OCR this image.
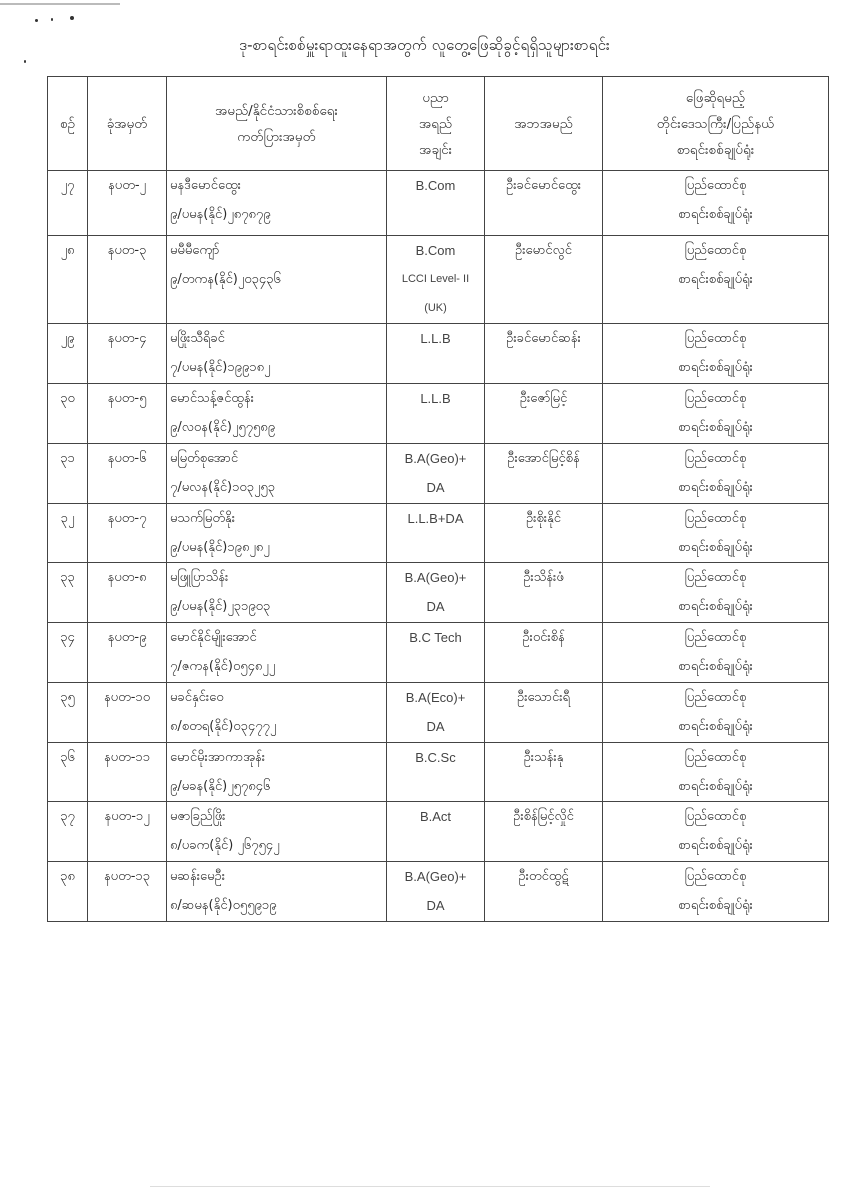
ဒု-စာရင်းစစ်မှူးရာထူးနေရာအတွက် လူတွေ့ဖြေဆိုခွင့်ရရှိသူများစာရင်း
စဉ်	ခုံအမှတ်	အမည်/နိုင်ငံသားစိစစ်ရေး
ကတ်ပြားအမှတ်	ပညာ
အရည်
အချင်း	အဘအမည်	ဖြေဆိုရမည့်
တိုင်းဒေသကြီး/ပြည်နယ်
စာရင်းစစ်ချုပ်ရုံး

၂၇	နပတ-၂	မနဒီမောင်ထွေး
၉/ပမန(နိုင်)၂၈၇၈၇၉	B.Com	ဦးခင်မောင်ထွေး	ပြည်ထောင်စု
စာရင်းစစ်ချုပ်ရုံး

၂၈	နပတ-၃	မမီမီကျော်
၉/တကန(နိုင်)၂၀၃၄၃၆	B.Com
LCCI Level- II
(UK)	ဦးမောင်လွင်	ပြည်ထောင်စု
စာရင်းစစ်ချုပ်ရုံး

၂၉	နပတ-၄	မဖြိုးသီရိခင်
၇/ပမန(နိုင်)၁၉၉၁၈၂	L.L.B	ဦးခင်မောင်ဆန်း	ပြည်ထောင်စု
စာရင်းစစ်ချုပ်ရုံး

၃၀	နပတ-၅	မောင်သန့်ဇင်ထွန်း
၉/လဝန(နိုင်)၂၅၇၅၈၉	L.L.B	ဦးဇော်မြင့်	ပြည်ထောင်စု
စာရင်းစစ်ချုပ်ရုံး

၃၁	နပတ-၆	မမြတ်စုအောင်
၇/မလန(နိုင်)၁၀၃၂၅၃	B.A(Geo)+
DA	ဦးအောင်မြင့်စိန်	ပြည်ထောင်စု
စာရင်းစစ်ချုပ်ရုံး

၃၂	နပတ-၇	မသက်မြတ်နိုး
၉/ပမန(နိုင်)၁၉၈၂၈၂	L.L.B+DA	ဦးစိုးနိုင်	ပြည်ထောင်စု
စာရင်းစစ်ချုပ်ရုံး

၃၃	နပတ-၈	မဖြူပြာသိန်း
၉/ပမန(နိုင်)၂၃၁၉၀၃	B.A(Geo)+
DA	ဦးသိန်းဖံ	ပြည်ထောင်စု
စာရင်းစစ်ချုပ်ရုံး

၃၄	နပတ-၉	မောင်နိုင်မျိုးအောင်
၇/ဇကန(နိုင်)၀၅၄၈၂၂	B.C Tech	ဦးဝင်းစိန်	ပြည်ထောင်စု
စာရင်းစစ်ချုပ်ရုံး

၃၅	နပတ-၁၀	မခင်နှင်းဝေ
၈/စတရ(နိုင်)၀၃၄၇၇၂	B.A(Eco)+
DA	ဦးသောင်းရီ	ပြည်ထောင်စု
စာရင်းစစ်ချုပ်ရုံး

၃၆	နပတ-၁၁	မောင်မိုးအာကာအုန်း
၉/မခန(နိုင်)၂၅၇၈၄၆	B.C.Sc	ဦးသန်းနု	ပြည်ထောင်စု
စာရင်းစစ်ချုပ်ရုံး

၃၇	နပတ-၁၂	မဇာခြည်ဖြိုး
၈/ပခက(နိုင်) ၂၆၇၅၄၂	B.Act	ဦးစိန်မြင့်လှိုင်	ပြည်ထောင်စု
စာရင်းစစ်ချုပ်ရုံး

၃၈	နပတ-၁၃	မဆန်းမေဦး
၈/ဆမန(နိုင်)၀၅၅၉၁၉	B.A(Geo)+
DA	ဦးတင်ထွဋ်	ပြည်ထောင်စု
စာရင်းစစ်ချုပ်ရုံး
